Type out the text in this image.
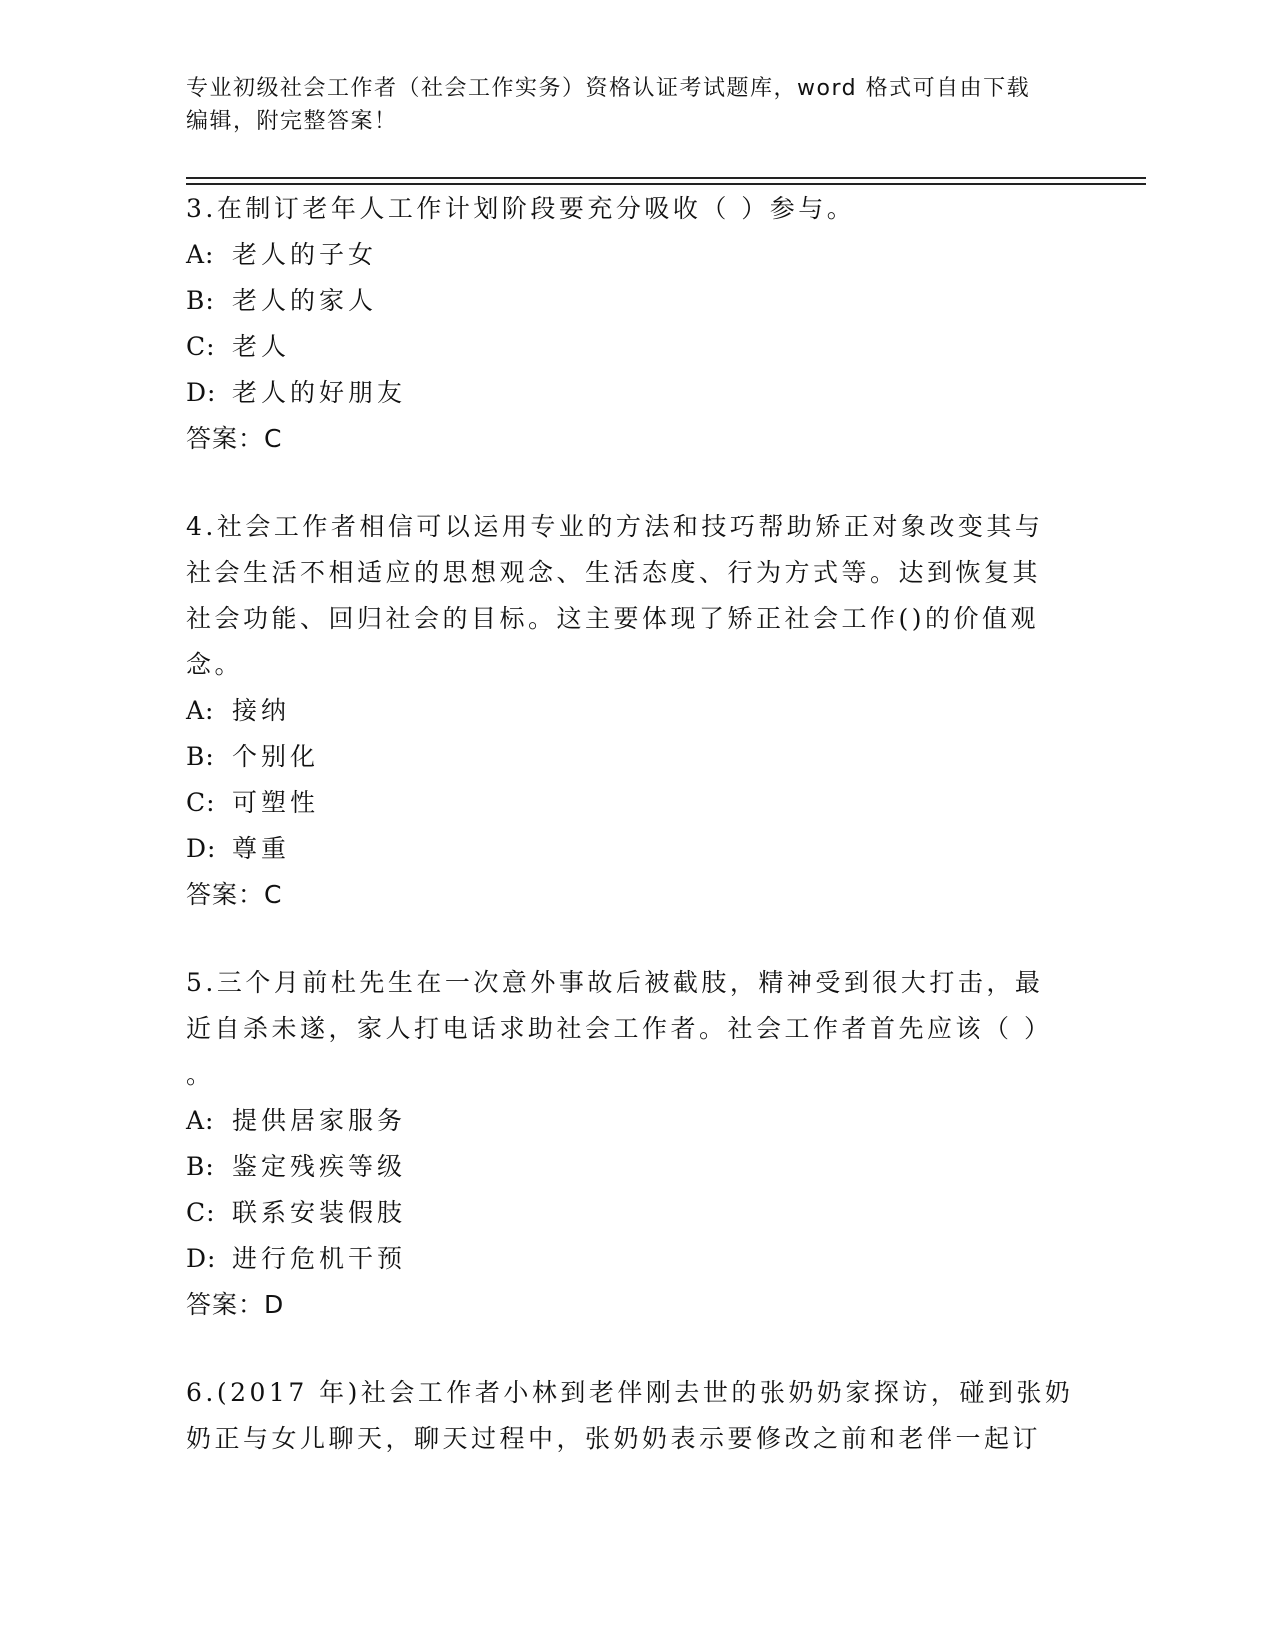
专业初级社会工作者（社会工作实务）资格认证考试题库，word 格式可自由下载
编辑，附完整答案！
3.在制订老年人工作计划阶段要充分吸收（ ）参与。
A: 老人的子女
B: 老人的家人
C: 老人
D: 老人的好朋友
答案：C
4.社会工作者相信可以运用专业的方法和技巧帮助矫正对象改变其与
社会生活不相适应的思想观念、生活态度、行为方式等。达到恢复其
社会功能、回归社会的目标。这主要体现了矫正社会工作()的价值观
念。
A: 接纳
B: 个别化
C: 可塑性
D: 尊重
答案：C
5.三个月前杜先生在一次意外事故后被截肢，精神受到很大打击，最
近自杀未遂，家人打电话求助社会工作者。社会工作者首先应该（ ）
。
A: 提供居家服务
B: 鉴定残疾等级
C: 联系安装假肢
D: 进行危机干预
答案：D
6.(2017 年)社会工作者小林到老伴刚去世的张奶奶家探访，碰到张奶
奶正与女儿聊天，聊天过程中，张奶奶表示要修改之前和老伴一起订
